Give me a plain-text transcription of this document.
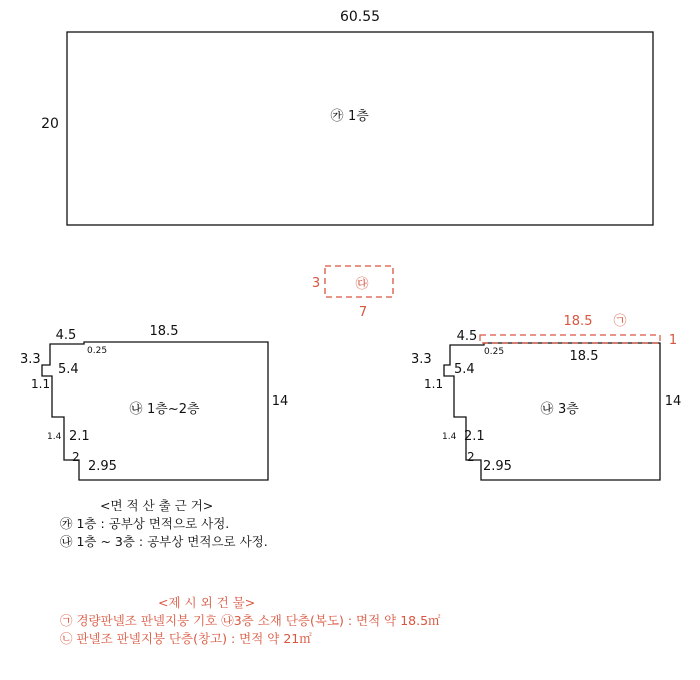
60.55
20	㉮ 1층
3
7
㉰
4.5	18.5
0.25
3.3
1.1
5.4
1.4 2.1
2
2.95
14
㉯ 1층~2층
4.5
18.5
0.25
3.3
1.1
5.4
1.4 2.1
2
2.95
14
㉯ 3층
18.5 ㉠
1
<면 적 산 출 근 거>
㉮ 1층 : 공부상 면적으로 사정.
㉯ 1층 ~ 3층 : 공부상 면적으로 사정.
<제 시 외 건 물>
㉠ 경량판넬조 판넬지붕 기호 ㉯3층 소재 단층(복도) : 면적 약 18.5㎡
㉡ 판넬조 판넬지붕 단층(창고) : 면적 약 21㎡
